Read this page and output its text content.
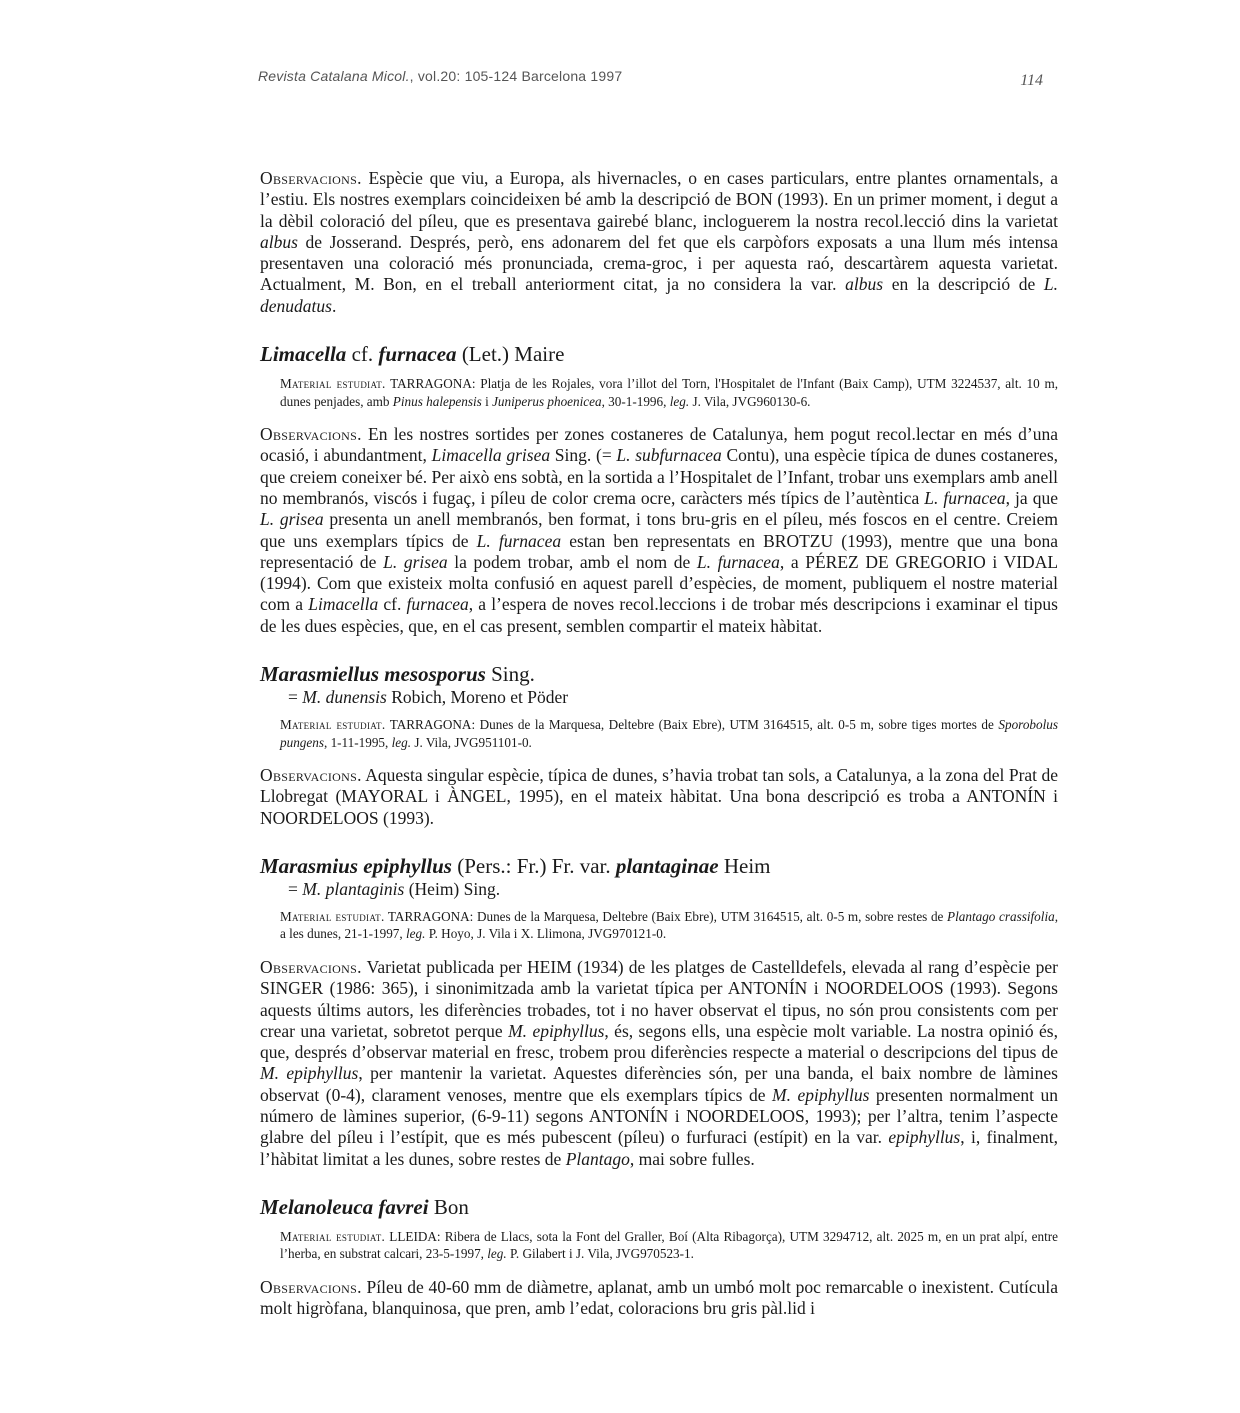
Revista Catalana Micol., vol.20: 105-124 Barcelona 1997	114

Observacions. Espècie que viu, a Europa, als hivernacles, o en cases particulars, entre plantes ornamentals, a l’estiu. Els nostres exemplars coincideixen bé amb la descripció de BON (1993). En un primer moment, i degut a la dèbil coloració del píleu, que es presentava gairebé blanc, incloguerem la nostra recol.lecció dins la varietat albus de Josserand. Després, però, ens adonarem del fet que els carpòfors exposats a una llum més intensa presentaven una coloració més pronunciada, crema-groc, i per aquesta raó, descartàrem aquesta varietat. Actualment, M. Bon, en el treball anteriorment citat, ja no considera la var. albus en la descripció de L. denudatus.

Limacella cf. furnacea (Let.) Maire

Material estudiat. TARRAGONA: Platja de les Rojales, vora l’illot del Torn, l'Hospitalet de l'Infant (Baix Camp), UTM 3224537, alt. 10 m, dunes penjades, amb Pinus halepensis i Juniperus phoenicea, 30-1-1996, leg. J. Vila, JVG960130-6.

Observacions. En les nostres sortides per zones costaneres de Catalunya, hem pogut recol.lectar en més d’una ocasió, i abundantment, Limacella grisea Sing. (= L. subfurnacea Contu), una espècie típica de dunes costaneres, que creiem coneixer bé. Per això ens sobtà, en la sortida a l’Hospitalet de l’Infant, trobar uns exemplars amb anell no membranós, viscós i fugaç, i píleu de color crema ocre, caràcters més típics de l’autèntica L. furnacea, ja que L. grisea presenta un anell membranós, ben format, i tons bru-gris en el píleu, més foscos en el centre. Creiem que uns exemplars típics de L. furnacea estan ben representats en BROTZU (1993), mentre que una bona representació de L. grisea la podem trobar, amb el nom de L. furnacea, a PÉREZ DE GREGORIO i VIDAL (1994). Com que existeix molta confusió en aquest parell d’espècies, de moment, publiquem el nostre material com a Limacella cf. furnacea, a l’espera de noves recol.leccions i de trobar més descripcions i examinar el tipus de les dues espècies, que, en el cas present, semblen compartir el mateix hàbitat.

Marasmiellus mesosporus Sing.

= M. dunensis Robich, Moreno et Pöder

Material estudiat. TARRAGONA: Dunes de la Marquesa, Deltebre (Baix Ebre), UTM 3164515, alt. 0-5 m, sobre tiges mortes de Sporobolus pungens, 1-11-1995, leg. J. Vila, JVG951101-0.

Observacions. Aquesta singular espècie, típica de dunes, s’havia trobat tan sols, a Catalunya, a la zona del Prat de Llobregat (MAYORAL i ÀNGEL, 1995), en el mateix hàbitat. Una bona descripció es troba a ANTONÍN i NOORDELOOS (1993).

Marasmius epiphyllus (Pers.: Fr.) Fr. var. plantaginae Heim

= M. plantaginis (Heim) Sing.

Material estudiat. TARRAGONA: Dunes de la Marquesa, Deltebre (Baix Ebre), UTM 3164515, alt. 0-5 m, sobre restes de Plantago crassifolia, a les dunes, 21-1-1997, leg. P. Hoyo, J. Vila i X. Llimona, JVG970121-0.

Observacions. Varietat publicada per HEIM (1934) de les platges de Castelldefels, elevada al rang d’espècie per SINGER (1986: 365), i sinonimitzada amb la varietat típica per ANTONÍN i NOORDELOOS (1993). Segons aquests últims autors, les diferències trobades, tot i no haver observat el tipus, no són prou consistents com per crear una varietat, sobretot perque M. epiphyllus, és, segons ells, una espècie molt variable. La nostra opinió és, que, després d’observar material en fresc, trobem prou diferències respecte a material o descripcions del tipus de M. epiphyllus, per mantenir la varietat. Aquestes diferències són, per una banda, el baix nombre de làmines observat (0-4), clarament venoses, mentre que els exemplars típics de M. epiphyllus presenten normalment un número de làmines superior, (6-9-11) segons ANTONÍN i NOORDELOOS, 1993); per l’altra, tenim l’aspecte glabre del píleu i l’estípit, que es més pubescent (píleu) o furfuraci (estípit) en la var. epiphyllus, i, finalment, l’hàbitat limitat a les dunes, sobre restes de Plantago, mai sobre fulles.

Melanoleuca favrei Bon

Material estudiat. LLEIDA: Ribera de Llacs, sota la Font del Graller, Boí (Alta Ribagorça), UTM 3294712, alt. 2025 m, en un prat alpí, entre l’herba, en substrat calcari, 23-5-1997, leg. P. Gilabert i J. Vila, JVG970523-1.

Observacions. Píleu de 40-60 mm de diàmetre, aplanat, amb un umbó molt poc remarcable o inexistent. Cutícula molt higròfana, blanquinosa, que pren, amb l’edat, coloracions bru gris pàl.lid i
